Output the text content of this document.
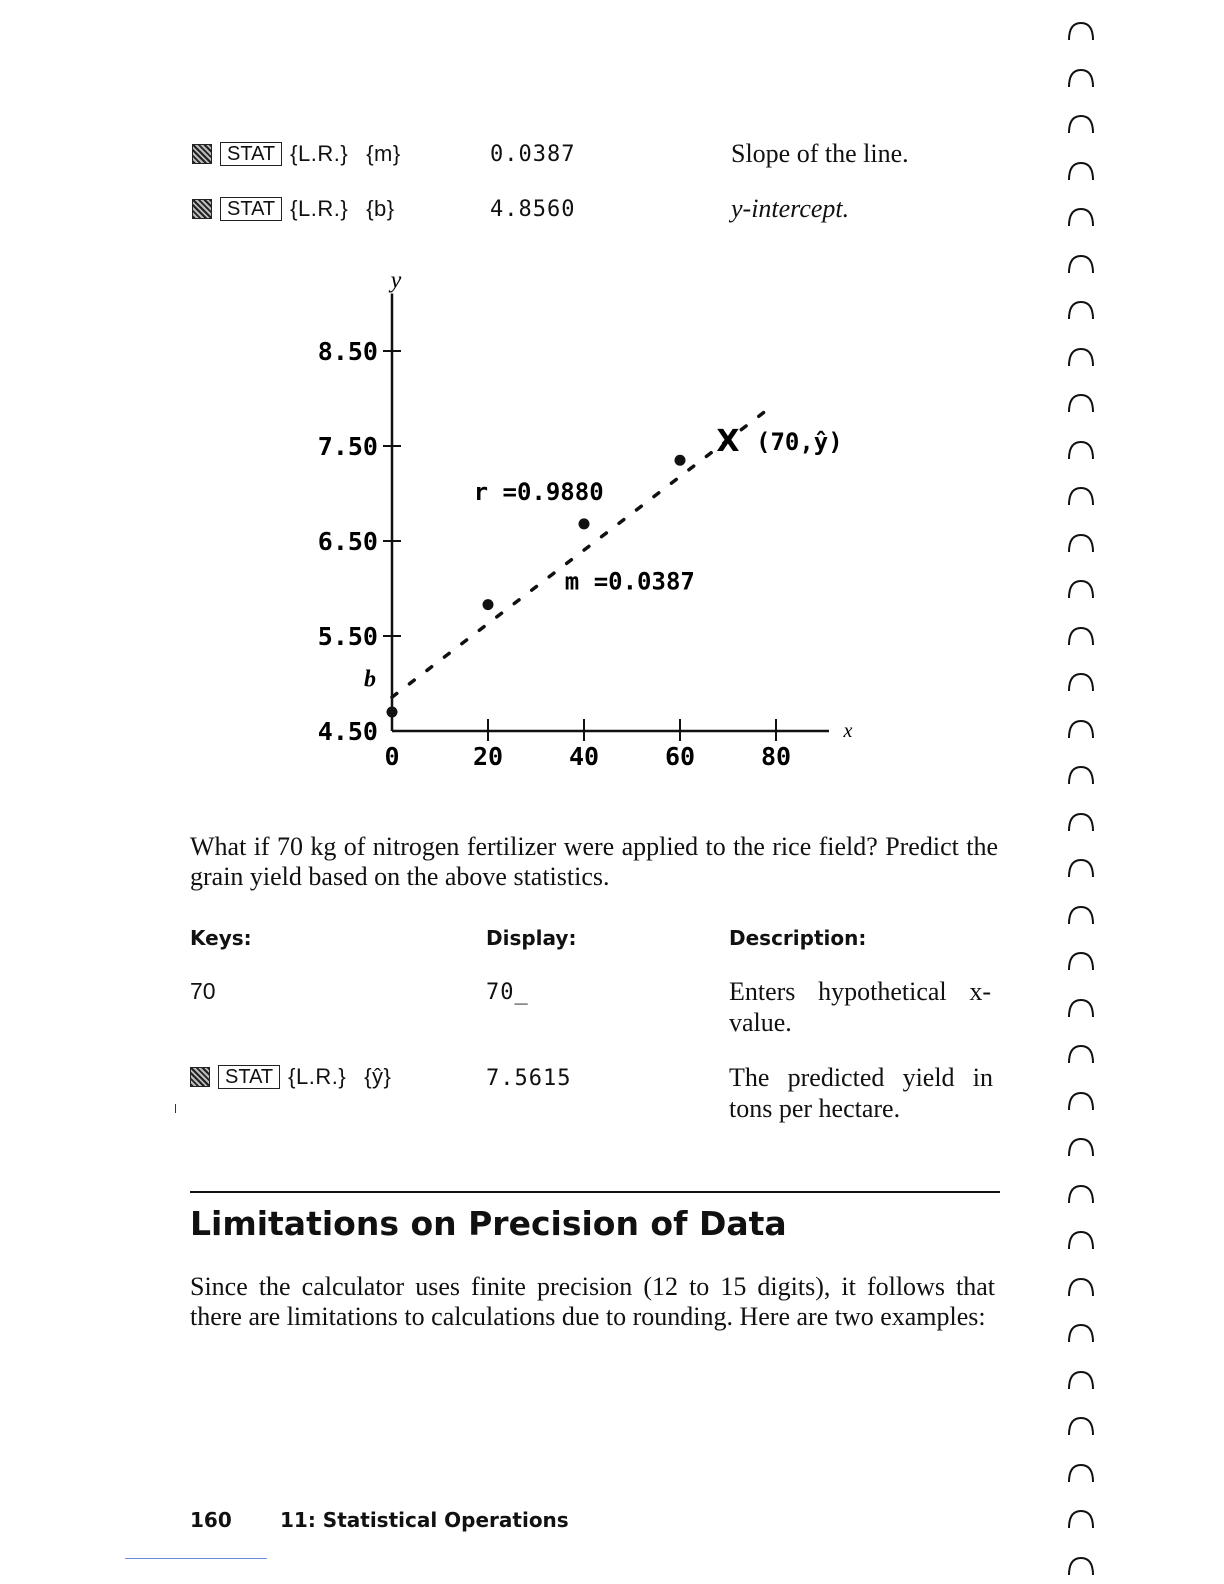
STAT {L.R.} {m}	0.0387	Slope of the line.
STAT {L.R.} {b}	4.8560	y-intercept.
y
x
4.50
5.50
6.50
7.50
8.50
0	20	40	60	80
X (70,ŷ)
r =0.9880
m =0.0387
b
What if 70 kg of nitrogen fertilizer were applied to the rice field? Predict the grain yield based on the above statistics.
Keys:	Display:	Description:
70	70_	Enters hypothetical x-value.
STAT {L.R.} {ŷ}	7.5615	The predicted yield in tons per hectare.
Limitations on Precision of Data
Since the calculator uses finite precision (12 to 15 digits), it follows that there are limitations to calculations due to rounding. Here are two examples:
160 11: Statistical Operations
